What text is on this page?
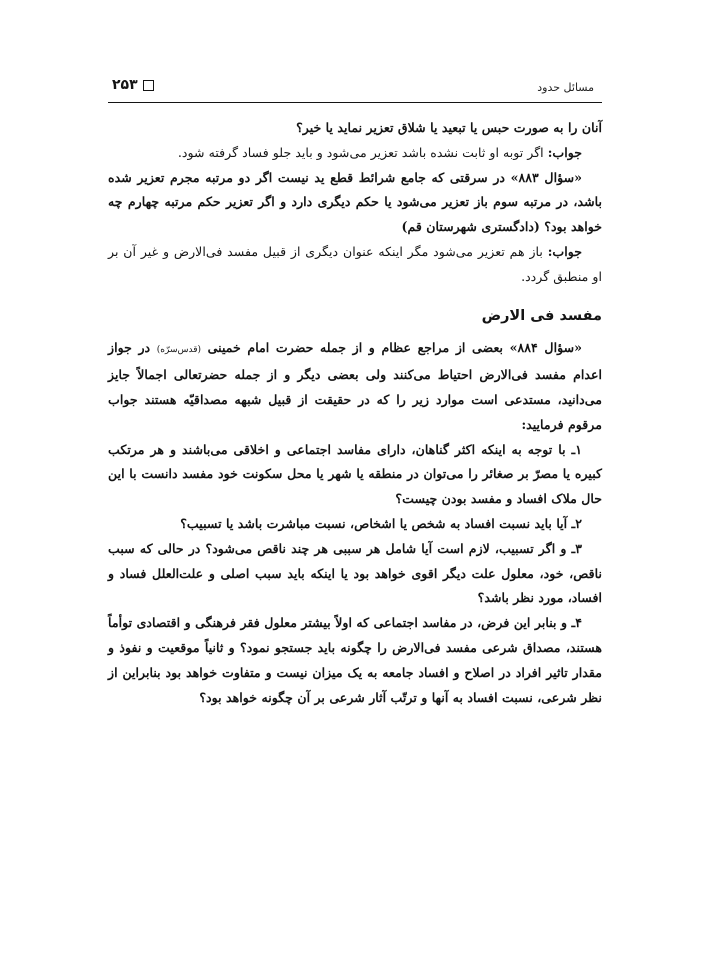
مسائل حدود
۲۵۳

آنان را به صورت حبس یا تبعید یا شلاق تعزیر نماید یا خیر؟

جواب: اگر توبه او ثابت نشده باشد تعزیر می‌شود و باید جلو فساد گرفته شود.

«سؤال ۸۸۳» در سرقتی که جامع شرائط قطع ید نیست اگر دو مرتبه مجرم تعزیر شده باشد، در مرتبه سوم باز تعزیر می‌شود یا حکم دیگری دارد و اگر تعزیر حکم مرتبه چهارم چه خواهد بود؟ (دادگستری شهرستان قم)

جواب: باز هم تعزیر می‌شود مگر اینکه عنوان دیگری از قبیل مفسد فی‌الارض و غیر آن بر او منطبق گردد.

مفسد فی الارض

«سؤال ۸۸۴» بعضی از مراجع عظام و از جمله حضرت امام خمینی (قدس‌سرّه) در جواز اعدام مفسد فی‌الارض احتیاط می‌کنند ولی بعضی دیگر و از جمله حضرتعالی اجمالاً جایز می‌دانید، مستدعی است موارد زیر را که در حقیقت از قبیل شبهه مصداقیّه هستند جواب مرقوم فرمایید:

۱ـ با توجه به اینکه اکثر گناهان، دارای مفاسد اجتماعی و اخلاقی می‌باشند و هر مرتکب کبیره یا مصرّ بر صغائر را می‌توان در منطقه یا شهر یا محل سکونت خود مفسد دانست با این حال ملاک افساد و مفسد بودن چیست؟

۲ـ آیا باید نسبت افساد به شخص یا اشخاص، نسبت مباشرت باشد یا تسبیب؟

۳ـ و اگر تسبیب، لازم است آیا شامل هر سببی هر چند ناقص می‌شود؟ در حالی که سبب ناقص، خود، معلول علت دیگر اقوی خواهد بود یا اینکه باید سبب اصلی و علت‌العلل فساد و افساد، مورد نظر باشد؟

۴ـ و بنابر این فرض، در مفاسد اجتماعی که اولاً بیشتر معلول فقر فرهنگی و اقتصادی توأماً هستند، مصداق شرعی مفسد فی‌الارض را چگونه باید جستجو نمود؟ و ثانیاً موقعیت و نفوذ و مقدار تاثیر افراد در اصلاح و افساد جامعه به یک میزان نیست و متفاوت خواهد بود بنابراین از نظر شرعی، نسبت افساد به آنها و ترتّب آثار شرعی بر آن چگونه خواهد بود؟
